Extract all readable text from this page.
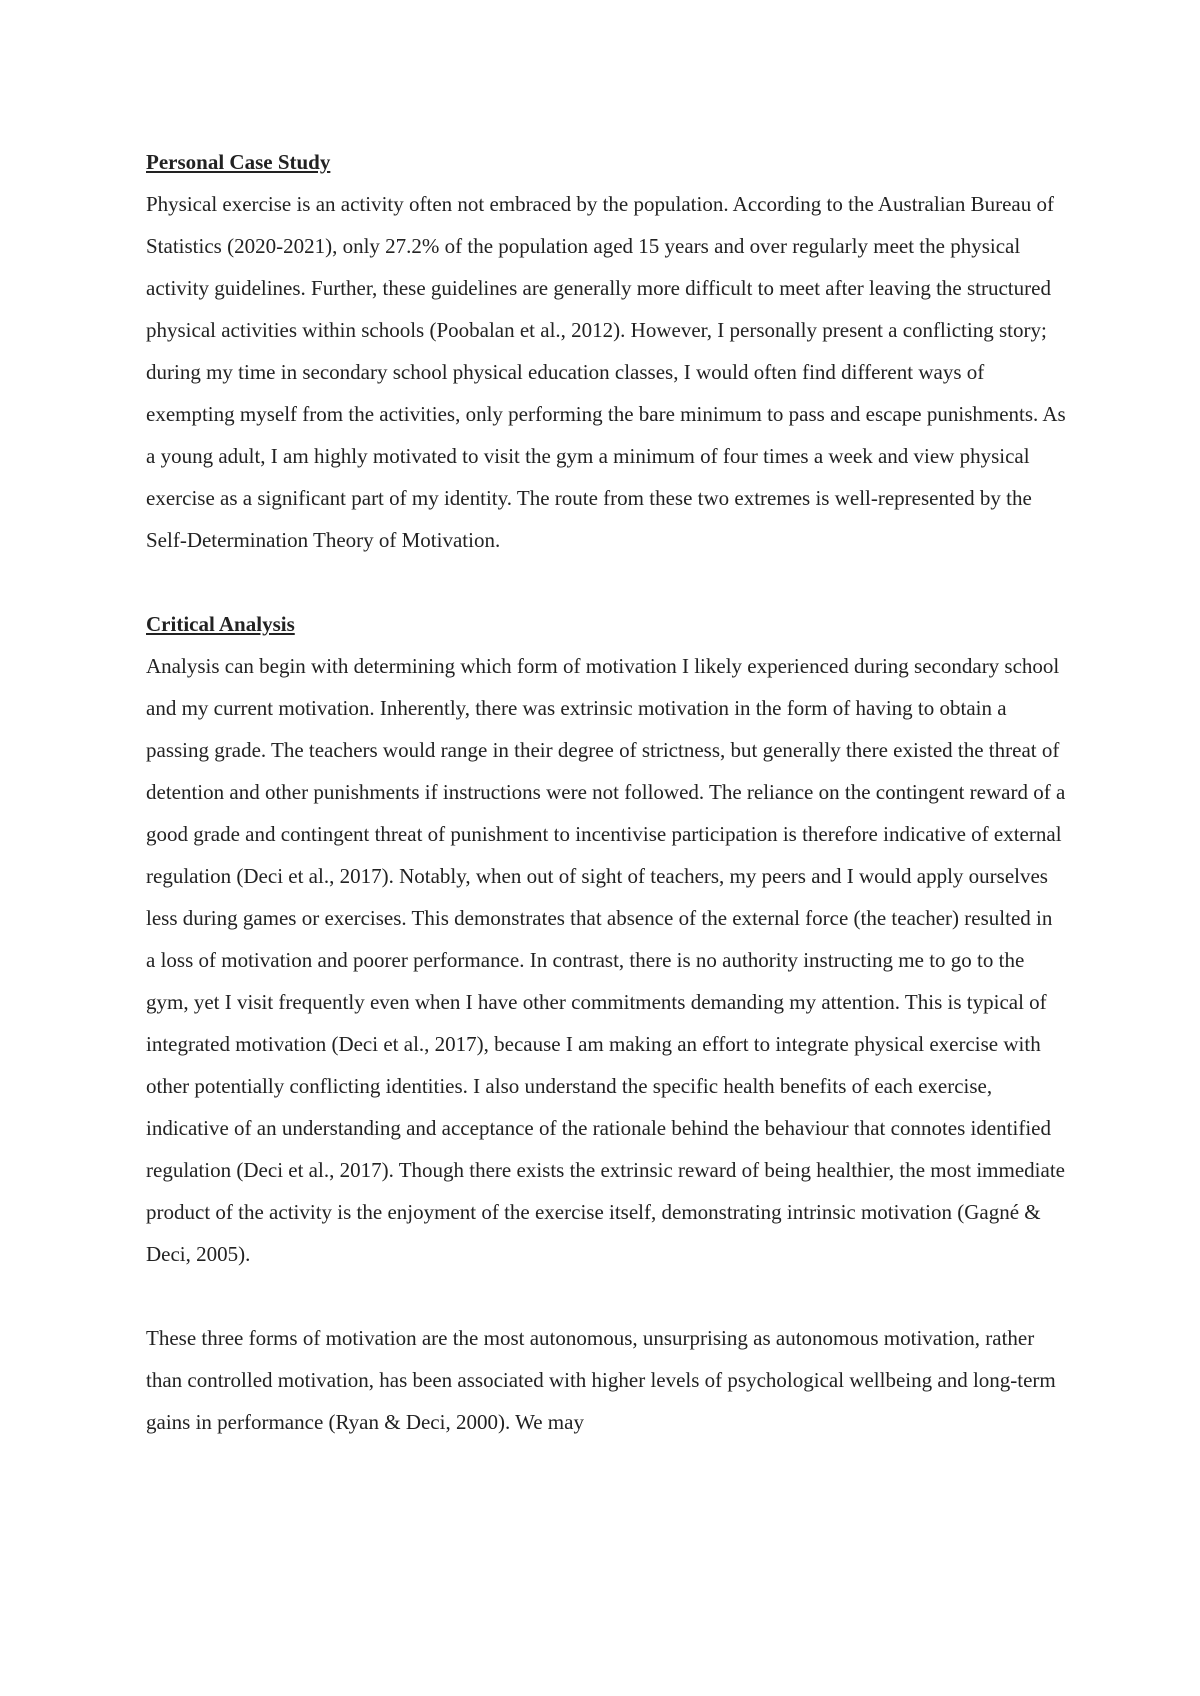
Personal Case Study

Physical exercise is an activity often not embraced by the population. According to the Australian Bureau of Statistics (2020-2021), only 27.2% of the population aged 15 years and over regularly meet the physical activity guidelines. Further, these guidelines are generally more difficult to meet after leaving the structured physical activities within schools (Poobalan et al., 2012). However, I personally present a conflicting story; during my time in secondary school physical education classes, I would often find different ways of exempting myself from the activities, only performing the bare minimum to pass and escape punishments. As a young adult, I am highly motivated to visit the gym a minimum of four times a week and view physical exercise as a significant part of my identity. The route from these two extremes is well-represented by the Self-Determination Theory of Motivation.

Critical Analysis

Analysis can begin with determining which form of motivation I likely experienced during secondary school and my current motivation. Inherently, there was extrinsic motivation in the form of having to obtain a passing grade. The teachers would range in their degree of strictness, but generally there existed the threat of detention and other punishments if instructions were not followed. The reliance on the contingent reward of a good grade and contingent threat of punishment to incentivise participation is therefore indicative of external regulation (Deci et al., 2017). Notably, when out of sight of teachers, my peers and I would apply ourselves less during games or exercises. This demonstrates that absence of the external force (the teacher) resulted in a loss of motivation and poorer performance. In contrast, there is no authority instructing me to go to the gym, yet I visit frequently even when I have other commitments demanding my attention. This is typical of integrated motivation (Deci et al., 2017), because I am making an effort to integrate physical exercise with other potentially conflicting identities. I also understand the specific health benefits of each exercise, indicative of an understanding and acceptance of the rationale behind the behaviour that connotes identified regulation (Deci et al., 2017). Though there exists the extrinsic reward of being healthier, the most immediate product of the activity is the enjoyment of the exercise itself, demonstrating intrinsic motivation (Gagné & Deci, 2005).

These three forms of motivation are the most autonomous, unsurprising as autonomous motivation, rather than controlled motivation, has been associated with higher levels of psychological wellbeing and long-term gains in performance (Ryan & Deci, 2000). We may
